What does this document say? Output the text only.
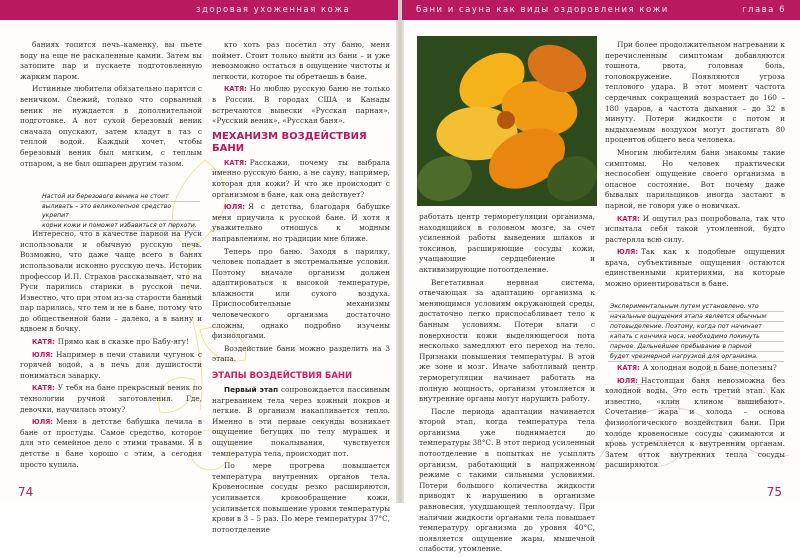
здоровая ухоженная кожа	бани и сауна как виды оздоровления кожи	глава 6

баниях топится печь–каменку, вы пьете воду на еще не раскаленные камни. Затем вы затопите пар и пускаете подготовленную жарким паром.

Истинные любители обязательно парятся с веничком. Свежий, только что сорванный веник не нуждается в дополнительной подготовке. А вот сухой березовый веник сначала опускают, затем кладут в таз с теплой водой. Каждый хочет, чтобы березовый веник был мягким, с теплым отпаром, а не был ошпарен другим тазом.

Интересно, что в качестве парной на Руси использовали и обычную русскую печь. Возможно, что даже чаще всего в банях использовали исконно русскую печь. Историк профессор И.П. Страхов рассказывает, что на Руси парились старики в русской печи. Известно, что при этом из-за старости банный пар парились, что тем и не в бане, потому что до общественной бани – далеко, а в ванну и вдвоем в бочку.

КАТЯ: Прямо как в сказке про Бабу-ягу!

ЮЛЯ: Например в печи ставили чугунок с горячей водой, а в печь для душистости пониматься заварку.

КАТЯ: У тебя на бане прекрасный веник по технологии ручной заготовления. Где, девочки, научилась этому?

ЮЛЯ: Меня в детстве бабушка лечила в бане от простуды. Самое средство, которое для это семейное дело с этими травами. Я в детстве в бане хорошо с этим, а сегодня просто купила.

Настой из березового веника не стоит
выливать – это великолепное средство укрепит
корни кожи и поможет избавиться от перхоти.

кто хоть раз посетил эту баню, меня поймет. Стоит только выйти из бани – и уже невозможно остаться в ощущение чистоты и легкости, которое ты обретаешь в бане.

КАТЯ: Но люблю русскую баню не только в России. В городах США и Канады встречаются вывески «Русская парная», «Русский веник», «Русская баня».

МЕХАНИЗМ ВОЗДЕЙСТВИЯ БАНИ

КАТЯ: Расскажи, почему ты выбрала именно русскую баню, а не сауну, например, которая для кожи? И что же происходит с организмом в бане, как она действует?

ЮЛЯ: Я с детства, благодаря бабушке меня приучила к русской бане. И хотя я уважительно отношусь к модным направлениям, но традиции мне ближе.

Теперь про баню. Заходя в парилку, человек попадает в экстремальные условия. Поэтому вначале организм должен адаптироваться к высокой температуре, влажности или сухого воздуха. Приспособительные механизмы человеческого организма достаточно сложны, однако подробно изучены физиологами.

Воздействие бани можно разделить на 3 этапа.

ЭТАПЫ ВОЗДЕЙСТВИЯ БАНИ

Первый этап сопровождается пассивным нагреванием тела через кожный покров и легкие. В организм накапливается тепло. Именно в эти первые секунды возникает ощущение бегущих по телу мурашек и ощущение покалывания, чувствуется температура тела, происходит пот.

По мере прогрева повышается температура внутренних органов тела. Кровеносные сосуды резко расширяются, усиливается кровообращение кожи, усиливается повышение уровня температуры крови в 3 – 5 раз. По мере температуры 37°С, потоотделение

74

работать центр терморегуляции организма, находящийся в головном мозге, за счет усиленной работы выведения шлаков и токсинов, расширяющие сосуды кожи, учащающие сердцебиение и активизирующие потоотделение.

Вегетативная нервная система, отвечающая за адаптацию организма к меняющимся условиям окружающей среды, достаточно легко приспосабливает тело к банным условиям. Потери влаги с поверхности кожи выделяющегося пота несколько замедляют его переход на тело. Признаки повышения температуры. В этой же зоне и мозг. Иначе заботливый центр терморегуляции начинает работать на полную мощность, организм утомляется и внутренние органы могут нарушить работу.

После периода адаптации начинается второй этап, когда температура тела организма уже поднимается до температуры 38°С. В этот период усиленный потоотделение в попытках не усыплять организм, работающий в напряженном режиме с такими сильными условиями. Потери большого количества жидкости приводят к нарушению в организме равновесия, ухудшающей теплоотдачу. При наличии жидкости органами тела повышает температуру организма до уровня 40°С, появляется ощущение жары, мышечной слабости, утомление.

При более продолжительном нагревании к перечисленным симптомам добавляются тошнота, рвота, головная боль, головокружение. Появляются угроза теплового удара. В этот момент частота сердечных сокращений возрастает до 160 – 180 ударов, а частота дыхания – до 32 в минуту. Потери жидкости с потом и выдыхаемым воздухом могут достигать 80 процентов общего веса человека.

Многим любителям бани знакомы такие симптомы. Но человек практически неспособен ощущение своего организма в опасное состояние. Вот почему даже бывалых парильщиков иногда застают в парной, не говоря уже о новичках.

КАТЯ: И ощутил раз попробовала, так что испытала себя такой утомленной, будто растеряла всю силу.

ЮЛЯ: Так как к подобные ощущения врача, субъективные ощущения остаются единственными критериями, на которые можно ориентироваться в бане.

Экспериментальным путем установлено, что
начальные ощущения этапа является обычным
потовыделение. Поэтому, когда пот начинает
капать с кончика носа, необходимо покинуть
парное. Дальнейшее пребывание в парной
будет чрезмерной нагрузкой для организма.

КАТЯ: А холодная водой в бане полезны?

ЮЛЯ: Настоящая баня невозможна без холодной воды. Это есть третий этап. Как известно, «клин клином вышибают». Сочетание жара и холода – основа физиологического воздействия бани. При холоде кровеносные сосуды сжимаются и кровь устремляется к внутренним органам. Затем отток внутренних тепла сосуды расширяются

75
